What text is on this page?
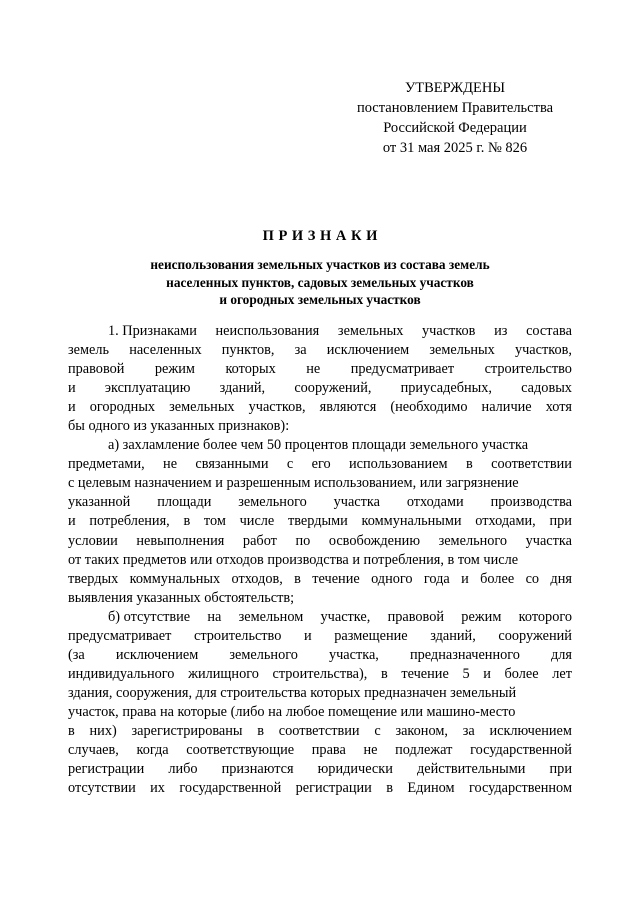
УТВЕРЖДЕНЫ
постановлением Правительства
Российской Федерации
от 31 мая 2025 г. № 826
ПРИЗНАКИ
неиспользования земельных участков из состава земель
населенных пунктов, садовых земельных участков
и огородных земельных участков
1. Признаками неиспользования земельных участков из состава
земель населенных пунктов, за исключением земельных участков,
правовой режим которых не предусматривает строительство
и эксплуатацию зданий, сооружений, приусадебных, садовых
и огородных земельных участков, являются (необходимо наличие хотя
бы одного из указанных признаков):
а) захламление более чем 50 процентов площади земельного участка
предметами, не связанными с его использованием в соответствии
с целевым назначением и разрешенным использованием, или загрязнение
указанной площади земельного участка отходами производства
и потребления, в том числе твердыми коммунальными отходами, при
условии невыполнения работ по освобождению земельного участка
от таких предметов или отходов производства и потребления, в том числе
твердых коммунальных отходов, в течение одного года и более со дня
выявления указанных обстоятельств;
б) отсутствие на земельном участке, правовой режим которого
предусматривает строительство и размещение зданий, сооружений
(за исключением земельного участка, предназначенного для
индивидуального жилищного строительства), в течение 5 и более лет
здания, сооружения, для строительства которых предназначен земельный
участок, права на которые (либо на любое помещение или машино-место
в них) зарегистрированы в соответствии с законом, за исключением
случаев, когда соответствующие права не подлежат государственной
регистрации либо признаются юридически действительными при
отсутствии их государственной регистрации в Едином государственном
